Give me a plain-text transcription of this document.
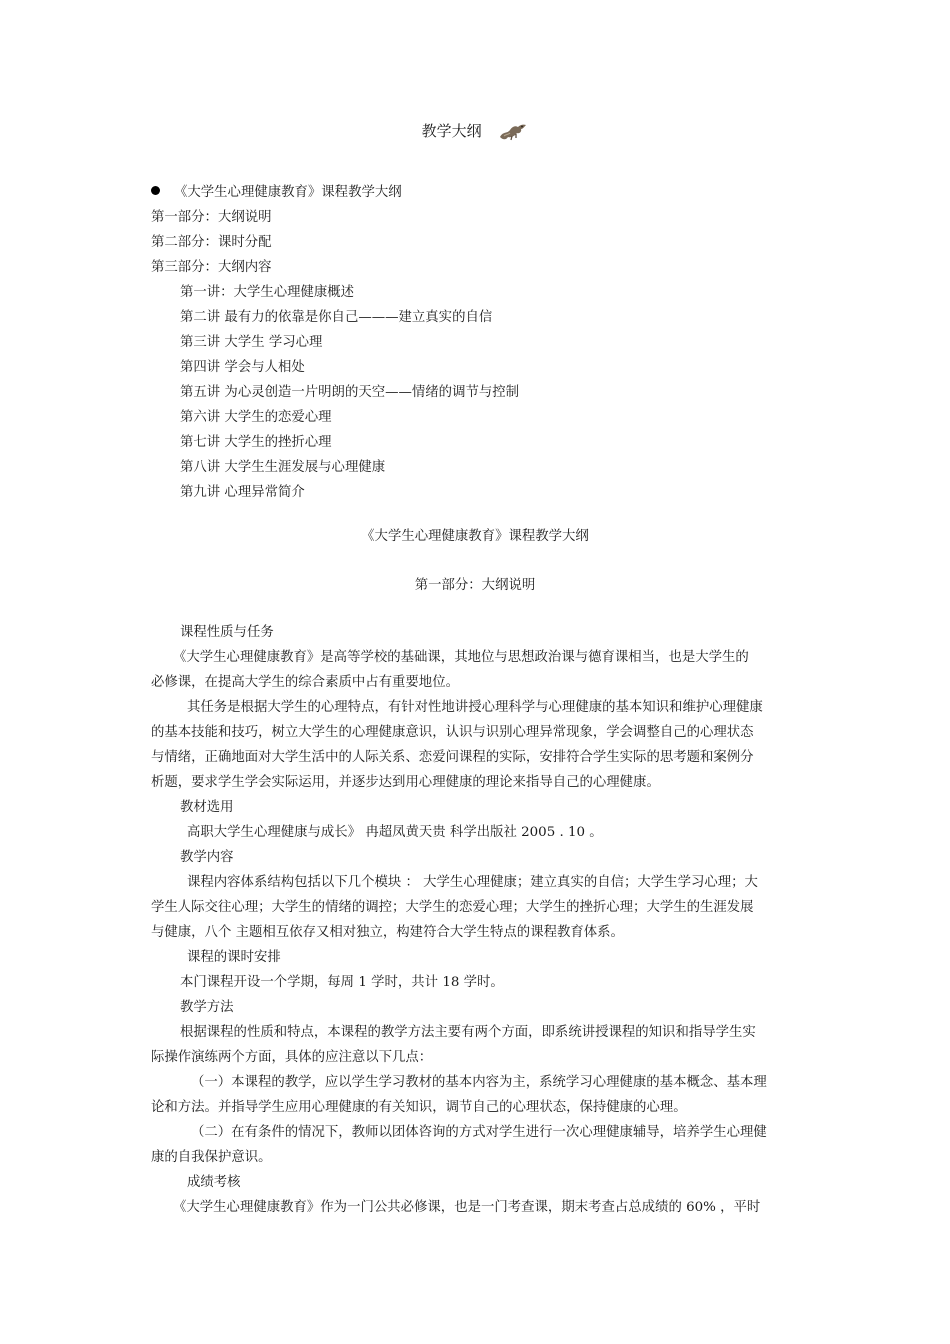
教学大纲
《大学生心理健康教育》课程教学大纲
第一部分：大纲说明
第二部分：课时分配
第三部分：大纲内容
第一讲：大学生心理健康概述
第二讲 最有力的依靠是你自己———建立真实的自信
第三讲 大学生 学习心理
第四讲 学会与人相处
第五讲 为心灵创造一片明朗的天空——情绪的调节与控制
第六讲 大学生的恋爱心理
第七讲 大学生的挫折心理
第八讲 大学生生涯发展与心理健康
第九讲 心理异常简介
《大学生心理健康教育》课程教学大纲
第一部分：大纲说明

课程性质与任务

《大学生心理健康教育》是高等学校的基础课，其地位与思想政治课与德育课相当，也是大学生的

必修课，在提高大学生的综合素质中占有重要地位。

其任务是根据大学生的心理特点，有针对性地讲授心理科学与心理健康的基本知识和维护心理健康

的基本技能和技巧，树立大学生的心理健康意识，认识与识别心理异常现象，学会调整自己的心理状态

与情绪，正确地面对大学生活中的人际关系、恋爱问课程的实际，安排符合学生实际的思考题和案例分

析题，要求学生学会实际运用，并逐步达到用心理健康的理论来指导自己的心理健康。

教材选用

高职大学生心理健康与成长》 冉超凤黄天贵 科学出版社 2005 . 10 。

教学内容

课程内容体系结构包括以下几个模块 ： 大学生心理健康；建立真实的自信；大学生学习心理；大

学生人际交往心理；大学生的情绪的调控；大学生的恋爱心理；大学生的挫折心理；大学生的生涯发展

与健康，八个 主题相互依存又相对独立，构建符合大学生特点的课程教育体系。

课程的课时安排

本门课程开设一个学期，每周 1 学时，共计 18 学时。

教学方法

根据课程的性质和特点，本课程的教学方法主要有两个方面，即系统讲授课程的知识和指导学生实

际操作演练两个方面，具体的应注意以下几点：

（一）本课程的教学，应以学生学习教材的基本内容为主，系统学习心理健康的基本概念、基本理

论和方法。并指导学生应用心理健康的有关知识，调节自己的心理状态，保持健康的心理。

（二）在有条件的情况下，教师以团体咨询的方式对学生进行一次心理健康辅导，培养学生心理健

康的自我保护意识。

成绩考核

《大学生心理健康教育》作为一门公共必修课，也是一门考查课，期末考查占总成绩的 60% ，平时
